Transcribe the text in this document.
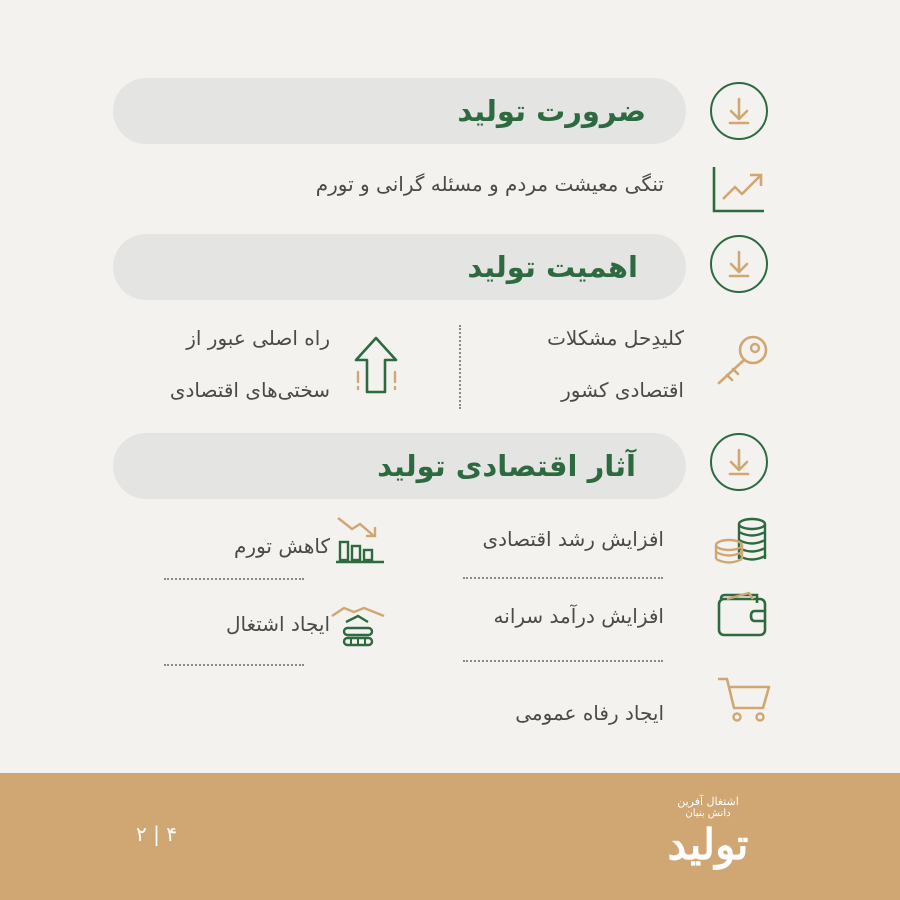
ضرورت تولید
تنگی معیشت مردم و مسئله گرانی و تورم
اهمیت تولید
کلیدِحل مشکلات
اقتصادی کشور
راه اصلی عبور از
سختی‌های اقتصادی
آثار اقتصادی تولید
افزایش رشد اقتصادی
افزایش درآمد سرانه
ایجاد رفاه عمومی
کاهش تورم
ایجاد اشتغال
اشتغال آفرین
دانش بنیان
تولید
۲ | ۴
